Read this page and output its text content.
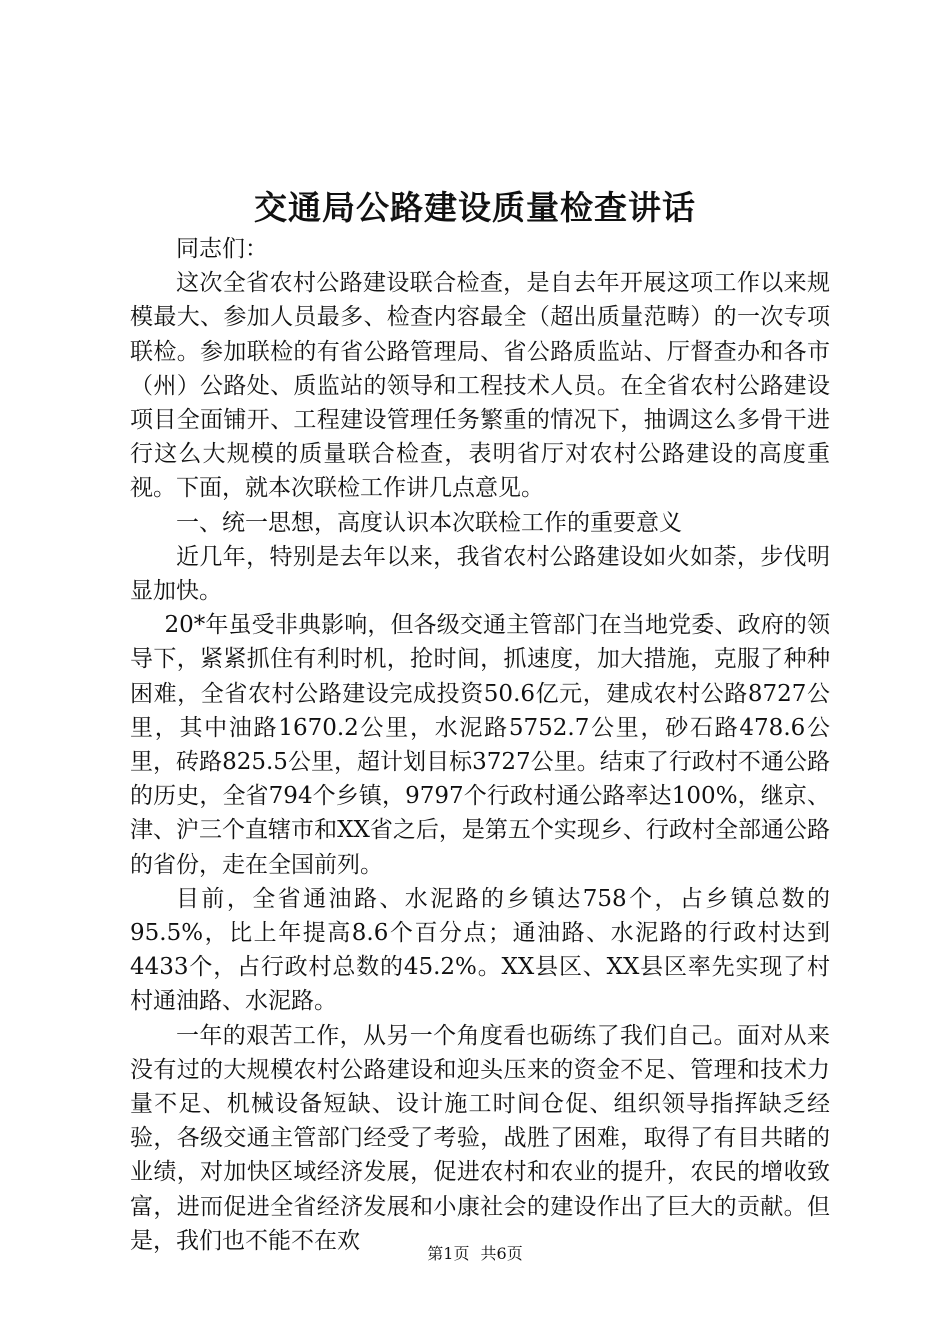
交通局公路建设质量检查讲话

同志们：

这次全省农村公路建设联合检查，是自去年开展这项工作以来规模最大、参加人员最多、检查内容最全（超出质量范畴）的一次专项联检。参加联检的有省公路管理局、省公路质监站、厅督查办和各市（州）公路处、质监站的领导和工程技术人员。在全省农村公路建设项目全面铺开、工程建设管理任务繁重的情况下，抽调这么多骨干进行这么大规模的质量联合检查，表明省厅对农村公路建设的高度重视。下面，就本次联检工作讲几点意见。

一、统一思想，高度认识本次联检工作的重要意义

近几年，特别是去年以来，我省农村公路建设如火如荼，步伐明显加快。

20*年虽受非典影响，但各级交通主管部门在当地党委、政府的领导下，紧紧抓住有利时机，抢时间，抓速度，加大措施，克服了种种困难，全省农村公路建设完成投资50.6亿元，建成农村公路8727公里，其中油路1670.2公里，水泥路5752.7公里，砂石路478.6公里，砖路825.5公里，超计划目标3727公里。结束了行政村不通公路的历史，全省794个乡镇，9797个行政村通公路率达100%，继京、津、沪三个直辖市和XX省之后，是第五个实现乡、行政村全部通公路的省份，走在全国前列。

目前，全省通油路、水泥路的乡镇达758个，占乡镇总数的95.5%，比上年提高8.6个百分点；通油路、水泥路的行政村达到4433个，占行政村总数的45.2%。XX县区、XX县区率先实现了村村通油路、水泥路。

一年的艰苦工作，从另一个角度看也砺练了我们自己。面对从来没有过的大规模农村公路建设和迎头压来的资金不足、管理和技术力量不足、机械设备短缺、设计施工时间仓促、组织领导指挥缺乏经验，各级交通主管部门经受了考验，战胜了困难，取得了有目共睹的业绩，对加快区域经济发展，促进农村和农业的提升，农民的增收致富，进而促进全省经济发展和小康社会的建设作出了巨大的贡献。但是，我们也不能不在欢	第1页 共6页
